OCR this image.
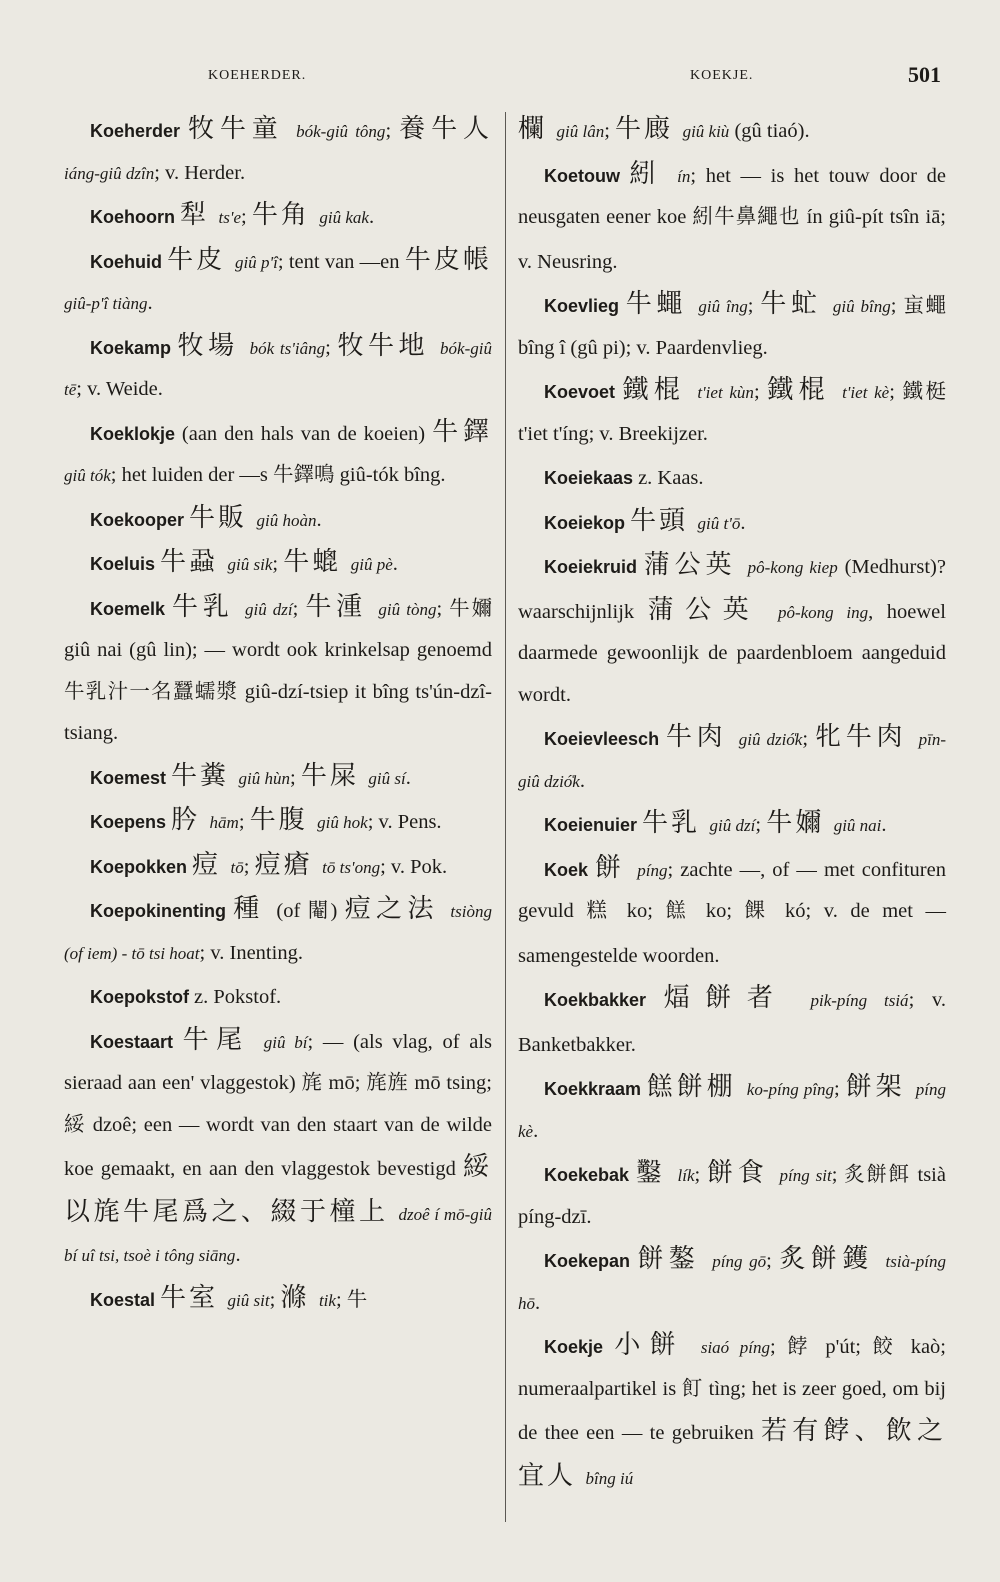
KOEHERDER.	KOEKJE.	501
Koeherder 牧牛童 bók-giû tông; 養牛人 iáng-giû dzîn; v. Herder.
Koehoorn 犁 ts'e; 牛角 giû kak.
Koehuid 牛皮 giû p'î; tent van —en 牛皮帳 giû-p'î tiàng.
Koekamp 牧場 bók ts'iâng; 牧牛地 bók-giû tē; v. Weide.
Koeklokje (aan den hals van de koeien) 牛鐸 giû tók; het luiden der —s 牛鐸鳴 giû-tók bîng.
Koekooper 牛販 giû hoàn.
Koeluis 牛蝨 giû sik; 牛螕 giû pè.
Koemelk 牛乳 giû dzí; 牛湩 giû tòng; 牛嬭 giû nai (gû lin); — wordt ook krinkelsap genoemd 牛乳汁一名蠶蠕漿 giû-dzí-tsiep it bîng ts'ún-dzî-tsiang.
Koemest 牛糞 giû hùn; 牛屎 giû sí.
Koepens 肣 hām; 牛腹 giû hok; v. Pens.
Koepokken 痘 tō; 痘瘡 tō ts'ong; v. Pok.
Koepokinenting 種 (of 閹) 痘之法 tsiòng (of iem) - tō tsi hoat; v. Inenting.
Koepokstof z. Pokstof.
Koestaart 牛尾 giû bí; — (als vlag, of als sieraad aan een' vlaggestok) 旄 mō; 旄旌 mō tsing; 綏 dzoê; een — wordt van den staart van de wilde koe gemaakt, en aan den vlaggestok bevestigd 綏以旄牛尾爲之、綴于橦上 dzoê í mō-giû bí uî tsi, tsoè i tông siāng.
Koestal 牛室 giû sit; 滌 tik; 牛
欄 giû lân; 牛廄 giû kiù (gû tiaó).
Koetouw 紖 ín; het — is het touw door de neusgaten eener koe 紖牛鼻繩也 ín giû-pít tsîn iā; v. Neusring.
Koevlieg 牛蠅 giû îng; 牛虻 giû bîng; 䖟蠅 bîng î (gû pi); v. Paardenvlieg.
Koevoet 鐵棍 t'iet kùn; 鐵棍 t'iet kè; 鐵梃 t'iet t'íng; v. Breekijzer.
Koeiekaas z. Kaas.
Koeiekop 牛頭 giû t'ō.
Koeiekruid 蒲公英 pô-kong kiep (Medhurst)? waarschijnlijk 蒲公英 pô-kong ing, hoewel daarmede gewoonlijk de paardenbloem aangeduid wordt.
Koeievleesch 牛肉 giû dzió̍k; 牝牛肉 pīn-giû dzió̍k.
Koeienuier 牛乳 giû dzí; 牛嬭 giû nai.
Koek 餅 píng; zachte —, of — met confituren gevuld 糕 ko; 餻 ko; 餜 kó; v. de met — samengestelde woorden.
Koekbakker 煏餅者 pik-píng tsiá; v. Banketbakker.
Koekkraam 餻餅棚 ko-píng pîng; 餅架 píng kè.
Koekebak 鑿 lík; 餅食 píng sit; 炙餅餌 tsià píng-dzī.
Koekepan 餅鏊 píng gō; 炙餅鑊 tsià-píng hō.
Koekje 小餅 siaó píng; 餑 p'út; 餃 kaò; numeraalpartikel is 飣 tìng; het is zeer goed, om bij de thee een — te gebruiken 若有餑、飲之宜人 bîng iú
